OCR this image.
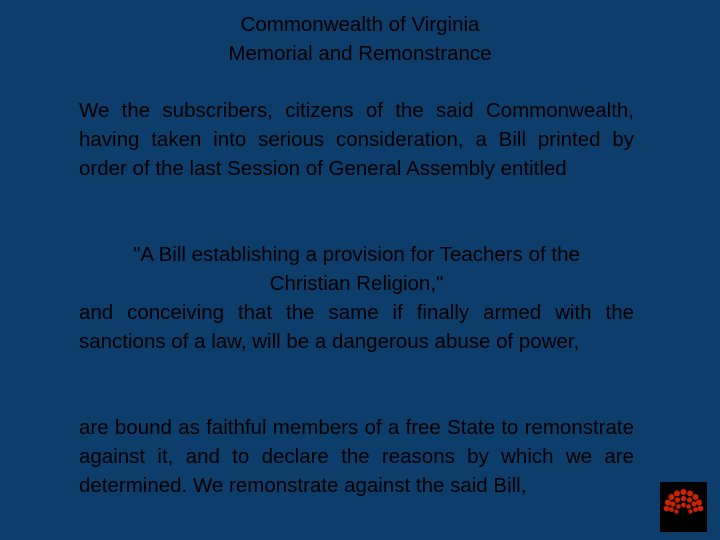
Commonwealth of Virginia
Memorial and Remonstrance
We the subscribers, citizens of the said Commonwealth, having taken into serious consideration, a Bill printed by order of the last Session of General Assembly entitled
"A Bill establishing a provision for Teachers of the
Christian Religion,"
and conceiving that the same if finally armed with the sanctions of a law, will be a dangerous abuse of power,
are bound as faithful members of a free State to remonstrate against it, and to declare the reasons by which we are determined. We remonstrate against the said Bill,
